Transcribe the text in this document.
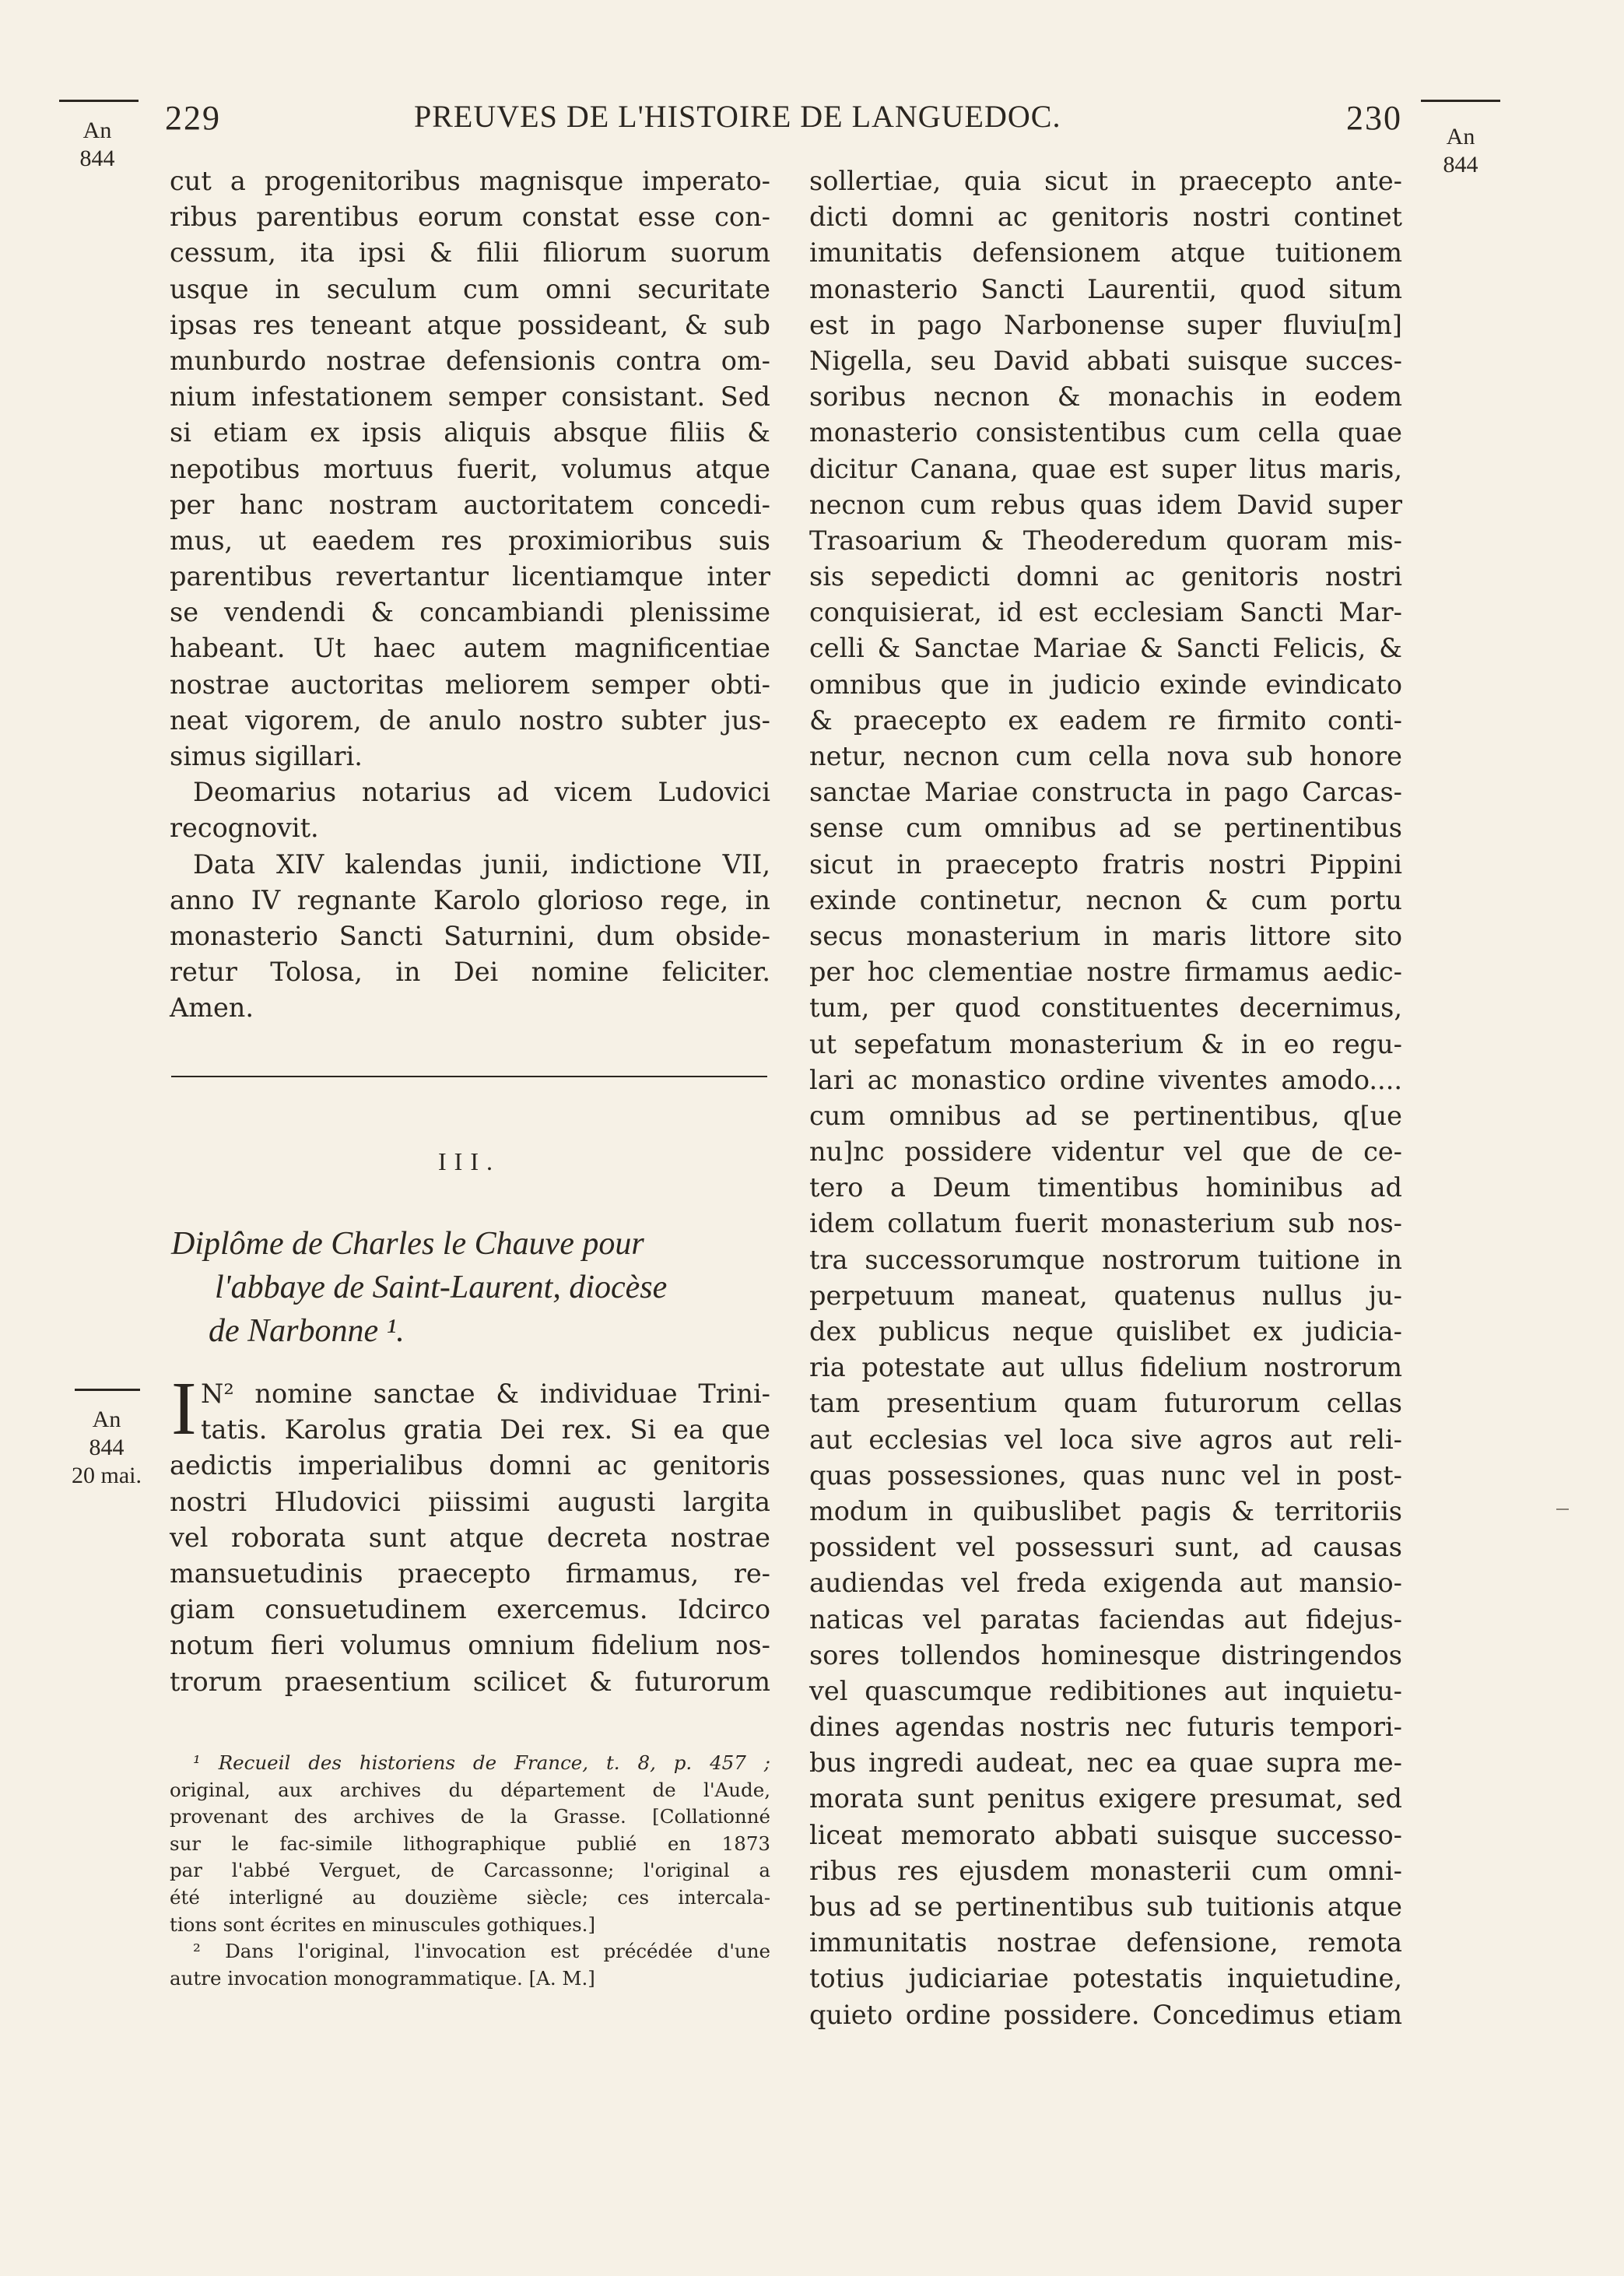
229	PREUVES DE L'HISTOIRE DE LANGUEDOC.	230
An
844
An
844
An
844
20 mai.
cut a progenitoribus magnisque imperato-
ribus parentibus eorum constat esse con-
cessum, ita ipsi & filii filiorum suorum
usque in seculum cum omni securitate
ipsas res teneant atque possideant, & sub
munburdo nostrae defensionis contra om-
nium infestationem semper consistant. Sed
si etiam ex ipsis aliquis absque filiis &
nepotibus mortuus fuerit, volumus atque
per hanc nostram auctoritatem concedi-
mus, ut eaedem res proximioribus suis
parentibus revertantur licentiamque inter
se vendendi & concambiandi plenissime
habeant. Ut haec autem magnificentiae
nostrae auctoritas meliorem semper obti-
neat vigorem, de anulo nostro subter jus-
simus sigillari.
Deomarius notarius ad vicem Ludovici
recognovit.
Data XIV kalendas junii, indictione VII,
anno IV regnante Karolo glorioso rege, in
monasterio Sancti Saturnini, dum obside-
retur Tolosa, in Dei nomine feliciter.
Amen.
III.
Diplôme de Charles le Chauve pour
l'abbaye de Saint-Laurent, diocèse
de Narbonne ¹.
I N² nomine sanctae & individuae Trini-
tatis. Karolus gratia Dei rex. Si ea que
aedictis imperialibus domni ac genitoris
nostri Hludovici piissimi augusti largita
vel roborata sunt atque decreta nostrae
mansuetudinis praecepto firmamus, re-
giam consuetudinem exercemus. Idcirco
notum fieri volumus omnium fidelium nos-
trorum praesentium scilicet & futurorum
¹ Recueil des historiens de France, t. 8, p. 457 ;
original, aux archives du département de l'Aude,
provenant des archives de la Grasse. [Collationné
sur le fac-simile lithographique publié en 1873
par l'abbé Verguet, de Carcassonne; l'original a
été interligné au douzième siècle; ces intercala-
tions sont écrites en minuscules gothiques.]
² Dans l'original, l'invocation est précédée d'une
autre invocation monogrammatique. [A. M.]
sollertiae, quia sicut in praecepto ante-
dicti domni ac genitoris nostri continet
imunitatis defensionem atque tuitionem
monasterio Sancti Laurentii, quod situm
est in pago Narbonense super fluviu[m]
Nigella, seu David abbati suisque succes-
soribus necnon & monachis in eodem
monasterio consistentibus cum cella quae
dicitur Canana, quae est super litus maris,
necnon cum rebus quas idem David super
Trasoarium & Theoderedum quoram mis-
sis sepedicti domni ac genitoris nostri
conquisierat, id est ecclesiam Sancti Mar-
celli & Sanctae Mariae & Sancti Felicis, &
omnibus que in judicio exinde evindicato
& praecepto ex eadem re firmito conti-
netur, necnon cum cella nova sub honore
sanctae Mariae constructa in pago Carcas-
sense cum omnibus ad se pertinentibus
sicut in praecepto fratris nostri Pippini
exinde continetur, necnon & cum portu
secus monasterium in maris littore sito
per hoc clementiae nostre firmamus aedic-
tum, per quod constituentes decernimus,
ut sepefatum monasterium & in eo regu-
lari ac monastico ordine viventes amodo....
cum omnibus ad se pertinentibus, q[ue
nu]nc possidere videntur vel que de ce-
tero a Deum timentibus hominibus ad
idem collatum fuerit monasterium sub nos-
tra successorumque nostrorum tuitione in
perpetuum maneat, quatenus nullus ju-
dex publicus neque quislibet ex judicia-
ria potestate aut ullus fidelium nostrorum
tam presentium quam futurorum cellas
aut ecclesias vel loca sive agros aut reli-
quas possessiones, quas nunc vel in post-
modum in quibuslibet pagis & territoriis
possident vel possessuri sunt, ad causas
audiendas vel freda exigenda aut mansio-
naticas vel paratas faciendas aut fidejus-
sores tollendos hominesque distringendos
vel quascumque redibitiones aut inquietu-
dines agendas nostris nec futuris tempori-
bus ingredi audeat, nec ea quae supra me-
morata sunt penitus exigere presumat, sed
liceat memorato abbati suisque successo-
ribus res ejusdem monasterii cum omni-
bus ad se pertinentibus sub tuitionis atque
immunitatis nostrae defensione, remota
totius judiciariae potestatis inquietudine,
quieto ordine possidere. Concedimus etiam
